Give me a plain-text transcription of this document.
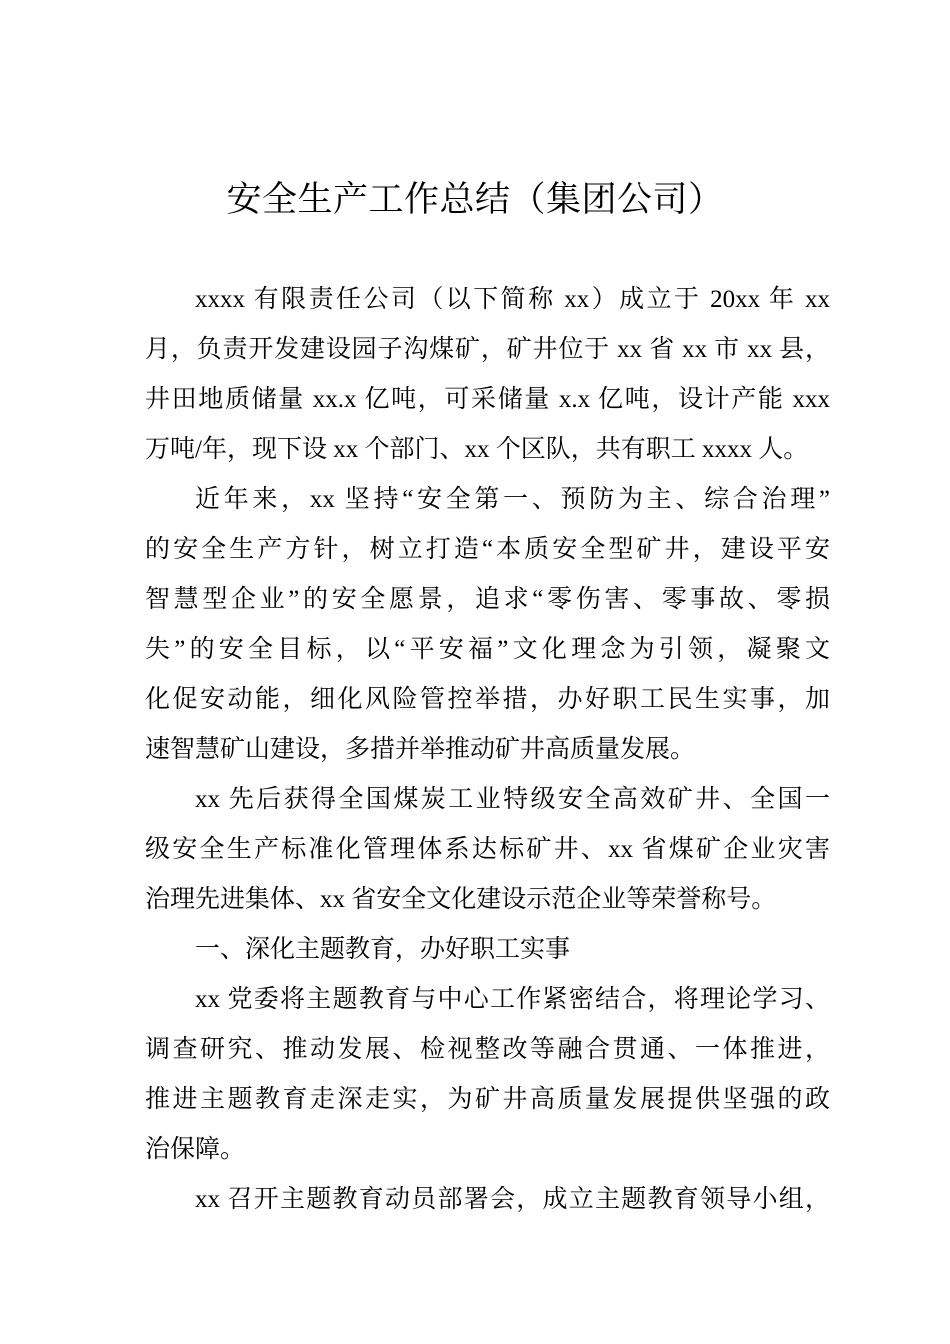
安全生产工作总结（集团公司）
xxxx 有限责任公司（以下简称 xx）成立于 20xx 年 xx
月，负责开发建设园子沟煤矿，矿井位于 xx 省 xx 市 xx 县，
井田地质储量 xx.x 亿吨，可采储量 x.x 亿吨，设计产能 xxx
万吨/年，现下设 xx 个部门、xx 个区队，共有职工 xxxx 人。
近年来，xx 坚持“安全第一、预防为主、综合治理”
的安全生产方针，树立打造“本质安全型矿井，建设平安
智慧型企业”的安全愿景，追求“零伤害、零事故、零损
失”的安全目标，以“平安福”文化理念为引领，凝聚文
化促安动能，细化风险管控举措，办好职工民生实事，加
速智慧矿山建设，多措并举推动矿井高质量发展。
xx 先后获得全国煤炭工业特级安全高效矿井、全国一
级安全生产标准化管理体系达标矿井、xx 省煤矿企业灾害
治理先进集体、xx 省安全文化建设示范企业等荣誉称号。
一、深化主题教育，办好职工实事
xx 党委将主题教育与中心工作紧密结合，将理论学习、
调查研究、推动发展、检视整改等融合贯通、一体推进，
推进主题教育走深走实，为矿井高质量发展提供坚强的政
治保障。
xx 召开主题教育动员部署会，成立主题教育领导小组，
